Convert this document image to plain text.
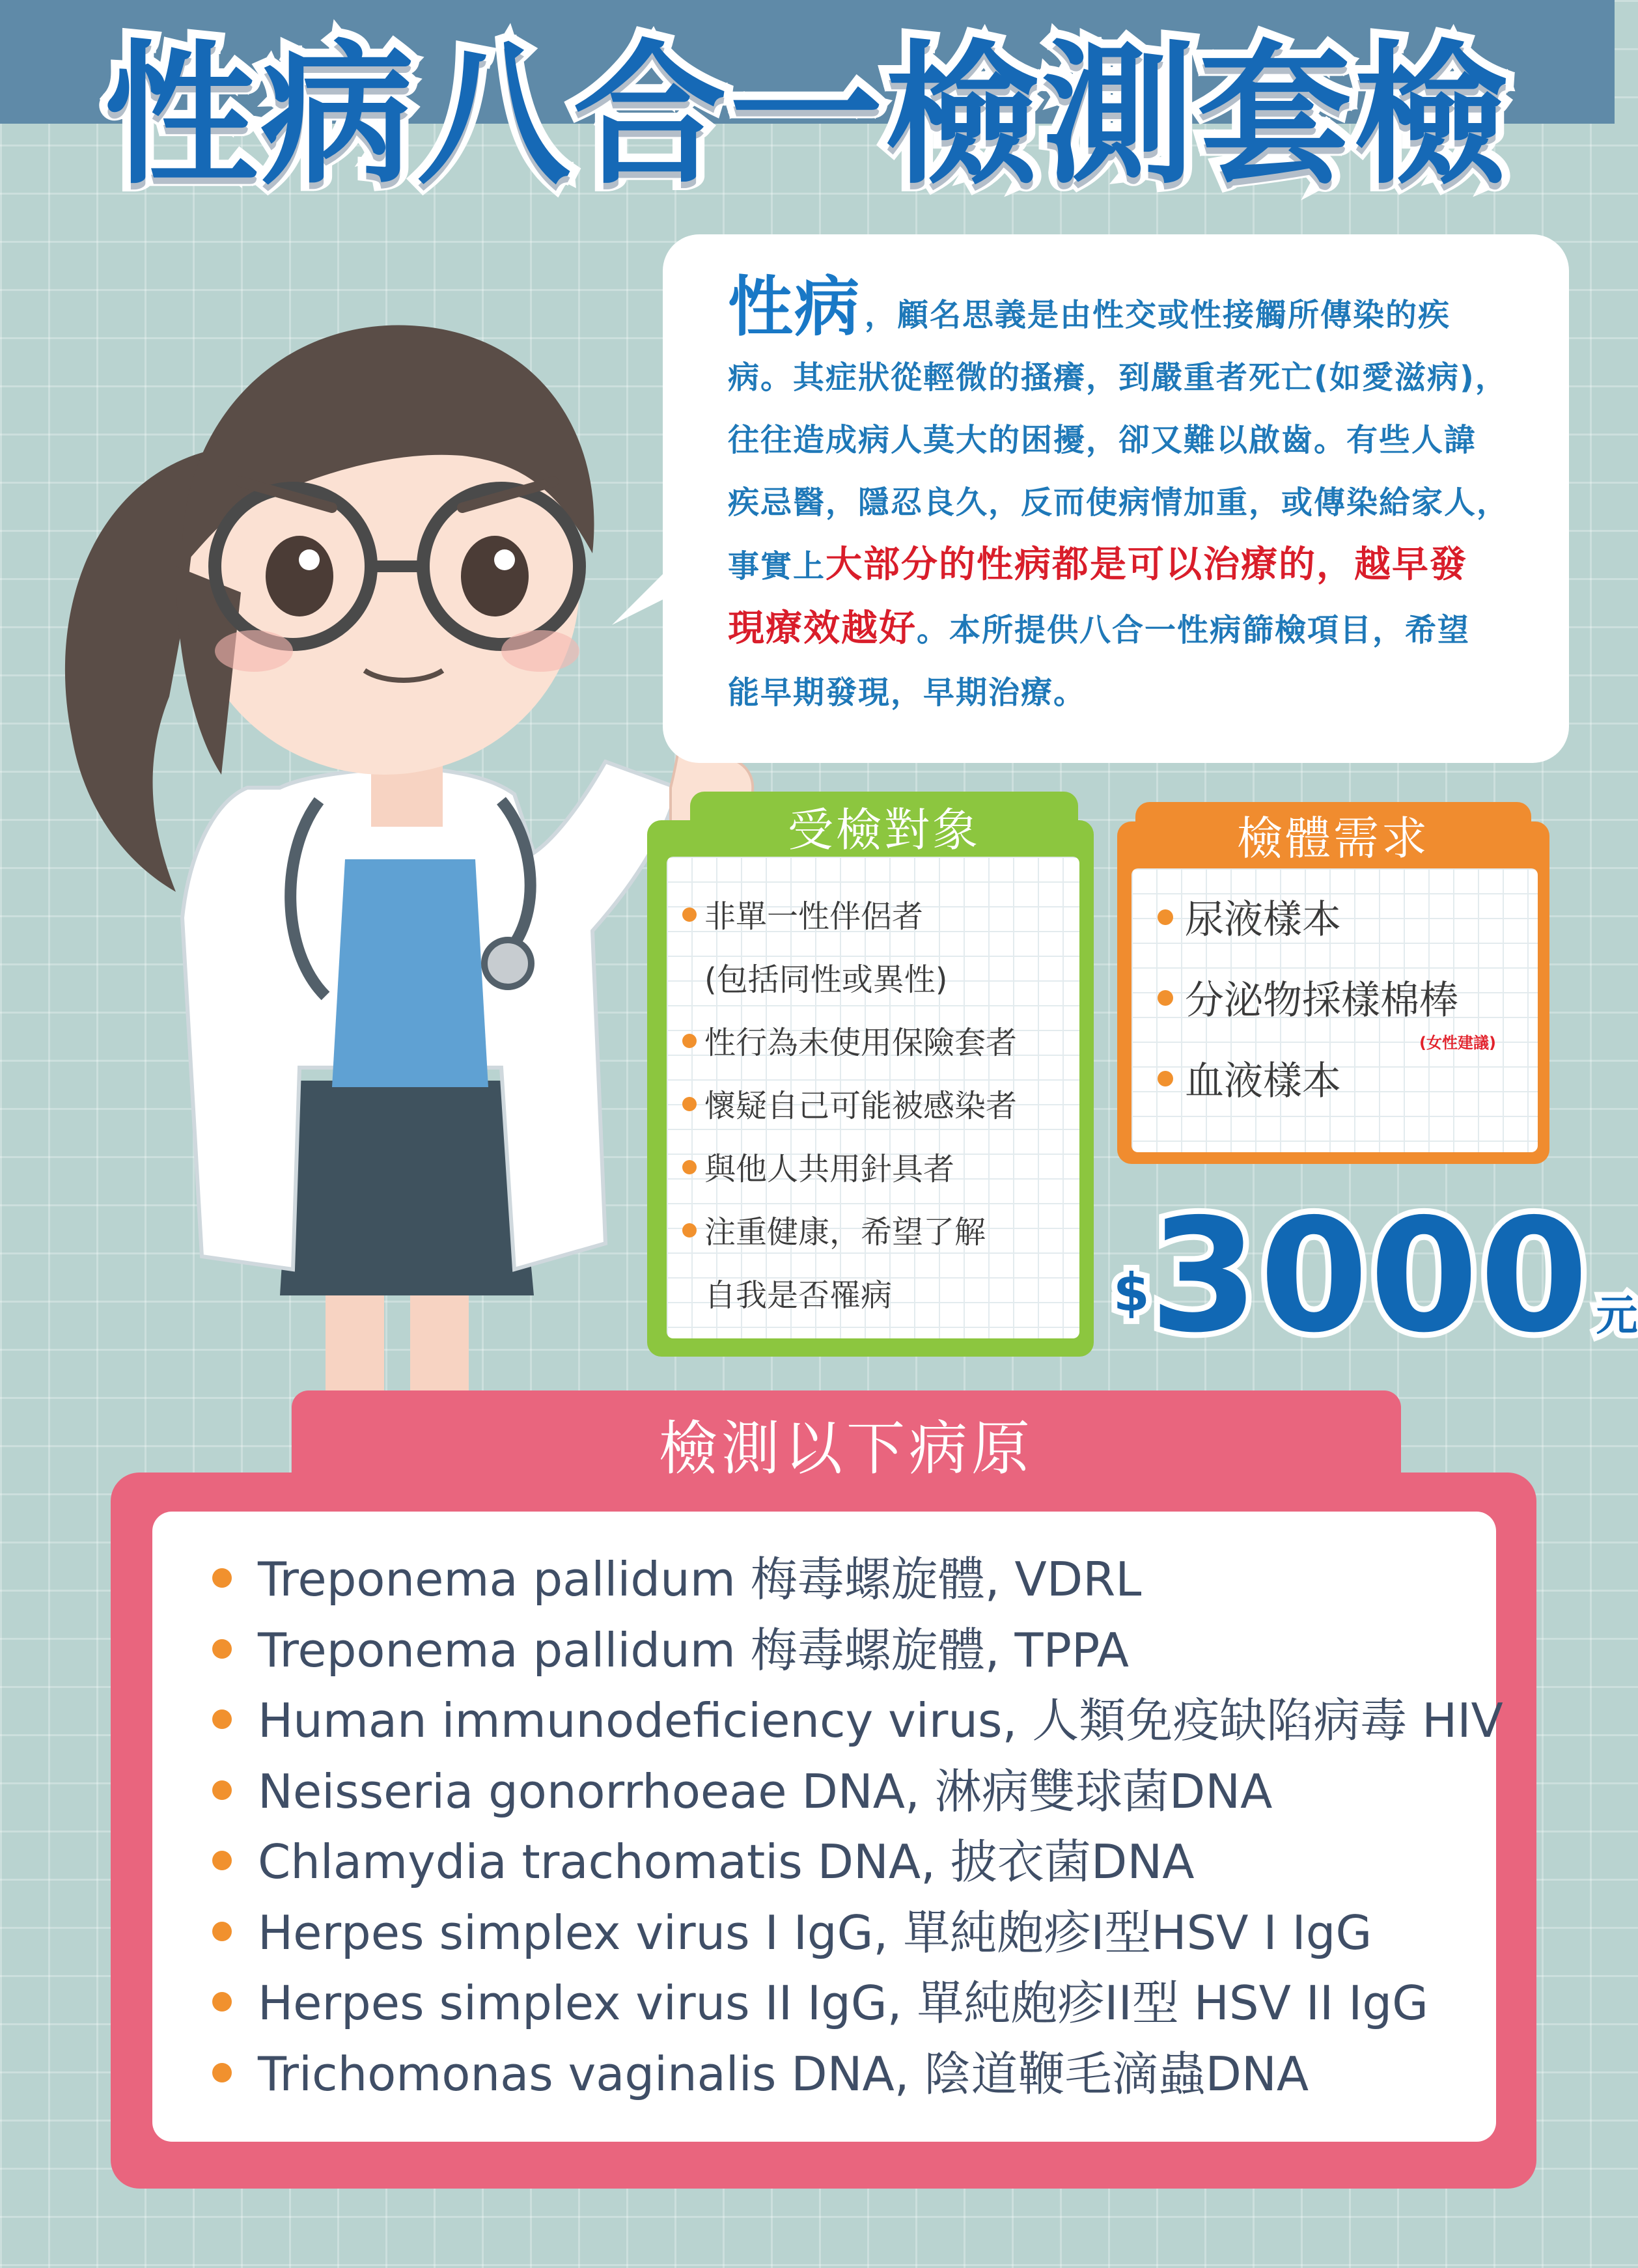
性病八合一檢測套檢
性病 ，顧名思義是由性交或性接觸所傳染的疾
病。其症狀從輕微的搔癢，到嚴重者死亡(如愛滋病)，
往往造成病人莫大的困擾，卻又難以啟齒。有些人諱
疾忌醫，隱忍良久，反而使病情加重，或傳染給家人，
事實上大部分的性病都是可以治療的，越早發
現療效越好。本所提供八合一性病篩檢項目，希望
能早期發現，早期治療。
受檢對象
非單一性伴侶者
(包括同性或異性)
性行為未使用保險套者
懷疑自己可能被感染者
與他人共用針具者
注重健康，希望了解
自我是否罹病
檢體需求
尿液樣本
分泌物採樣棉棒
血液樣本
(女性建議)
$3000 元
檢測以下病原
Treponema pallidum 梅毒螺旋體, VDRL
Treponema pallidum 梅毒螺旋體, TPPA
Human immunodeficiency virus, 人類免疫缺陷病毒 HIV
Neisseria gonorrhoeae DNA, 淋病雙球菌DNA
Chlamydia trachomatis DNA, 披衣菌DNA
Herpes simplex virus I IgG, 單純皰疹I型HSV I IgG
Herpes simplex virus II IgG, 單純皰疹II型 HSV II IgG
Trichomonas vaginalis DNA, 陰道鞭毛滴蟲DNA
